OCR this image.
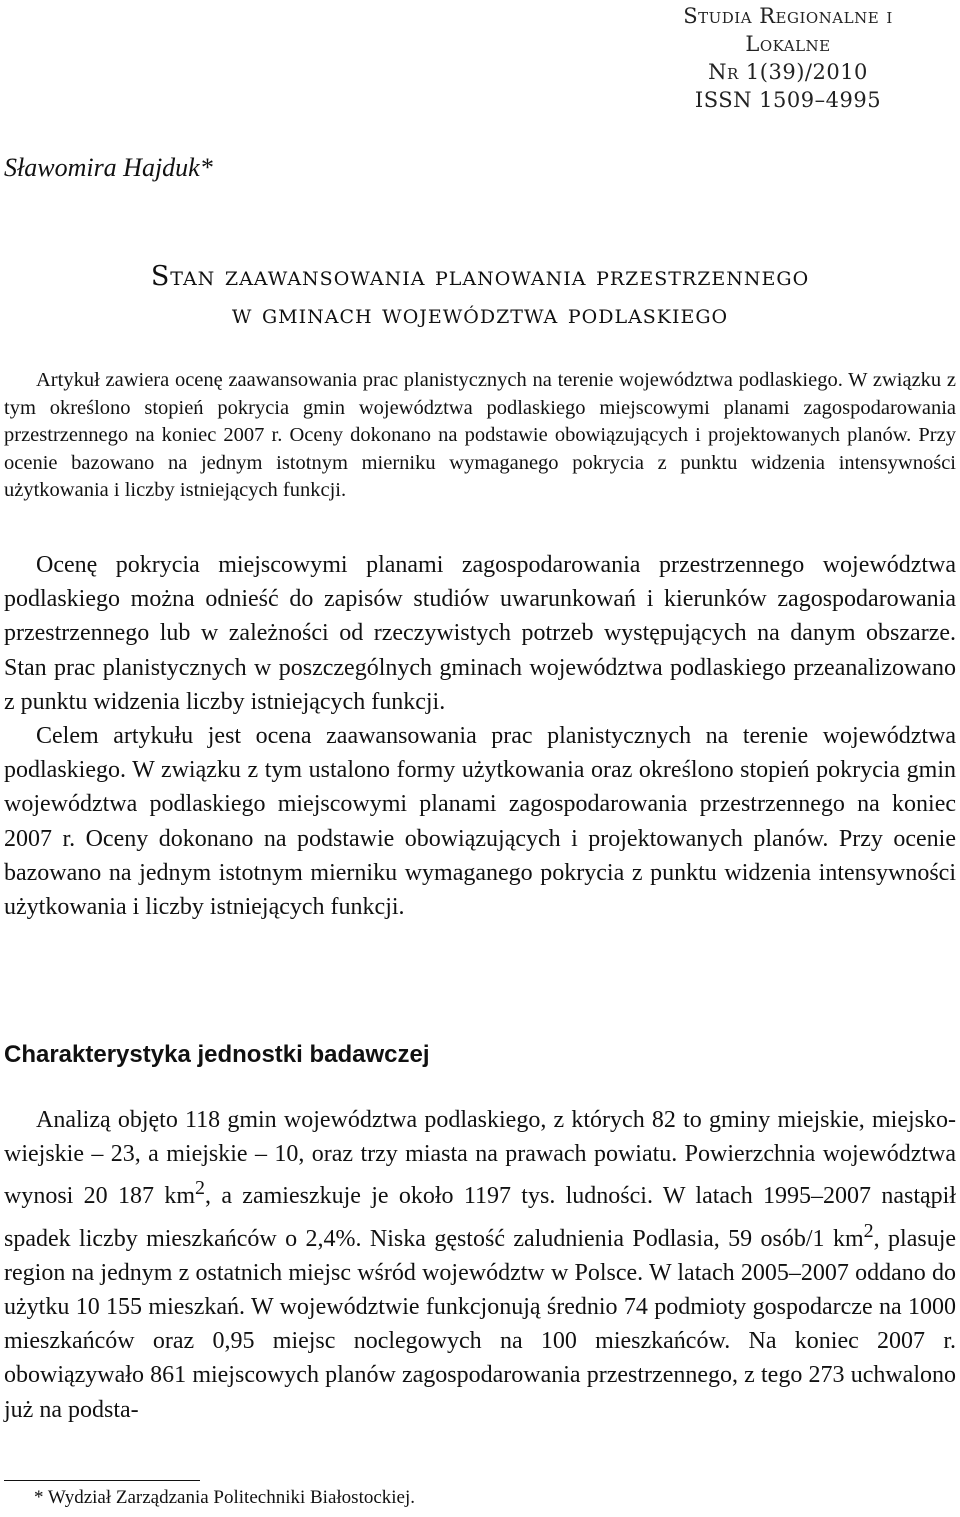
Studia Regionalne i Lokalne
Nr 1(39)/2010
ISSN 1509–4995
Sławomira Hajduk*
Stan zaawansowania planowania przestrzennego
w gminach województwa podlaskiego
Artykuł zawiera ocenę zaawansowania prac planistycznych na terenie województwa podlaskiego. W związku z tym określono stopień pokrycia gmin województwa podlaskiego miejscowymi planami zagospodarowania przestrzennego na koniec 2007 r. Oceny dokonano na podstawie obowiązujących i projektowanych planów. Przy ocenie bazowano na jednym istotnym mierniku wymaganego pokrycia z punktu widzenia intensywności użytkowania i liczby istniejących funkcji.

Ocenę pokrycia miejscowymi planami zagospodarowania przestrzennego województwa podlaskiego można odnieść do zapisów studiów uwarunkowań i kierunków zagospodarowania przestrzennego lub w zależności od rzeczywistych potrzeb występujących na danym obszarze. Stan prac planistycznych w poszczególnych gminach województwa podlaskiego przeanalizowano z punktu widzenia liczby istniejących funkcji.

Celem artykułu jest ocena zaawansowania prac planistycznych na terenie województwa podlaskiego. W związku z tym ustalono formy użytkowania oraz określono stopień pokrycia gmin województwa podlaskiego miejscowymi planami zagospodarowania przestrzennego na koniec 2007 r. Oceny dokonano na podstawie obowiązujących i projektowanych planów. Przy ocenie bazowano na jednym istotnym mierniku wymaganego pokrycia z punktu widzenia intensywności użytkowania i liczby istniejących funkcji.

Charakterystyka jednostki badawczej

Analizą objęto 118 gmin województwa podlaskiego, z których 82 to gminy miejskie, miejsko-wiejskie – 23, a miejskie – 10, oraz trzy miasta na prawach powiatu. Powierzchnia województwa wynosi 20 187 $km^2$, a zamieszkuje je około 1197 tys. ludności. W latach 1995–2007 nastąpił spadek liczby mieszkańców o 2,4%. Niska gęstość zaludnienia Podlasia, 59 osób/1 $km^2$, plasuje region na jednym z ostatnich miejsc wśród województw w Polsce. W latach 2005–2007 oddano do użytku 10 155 mieszkań. W województwie funkcjonują średnio 74 podmioty gospodarcze na 1000 mieszkańców oraz 0,95 miejsc noclegowych na 100 mieszkańców. Na koniec 2007 r. obowiązywało 861 miejscowych planów zagospodarowania przestrzennego, z tego 273 uchwalono już na podsta-

* Wydział Zarządzania Politechniki Białostockiej.
